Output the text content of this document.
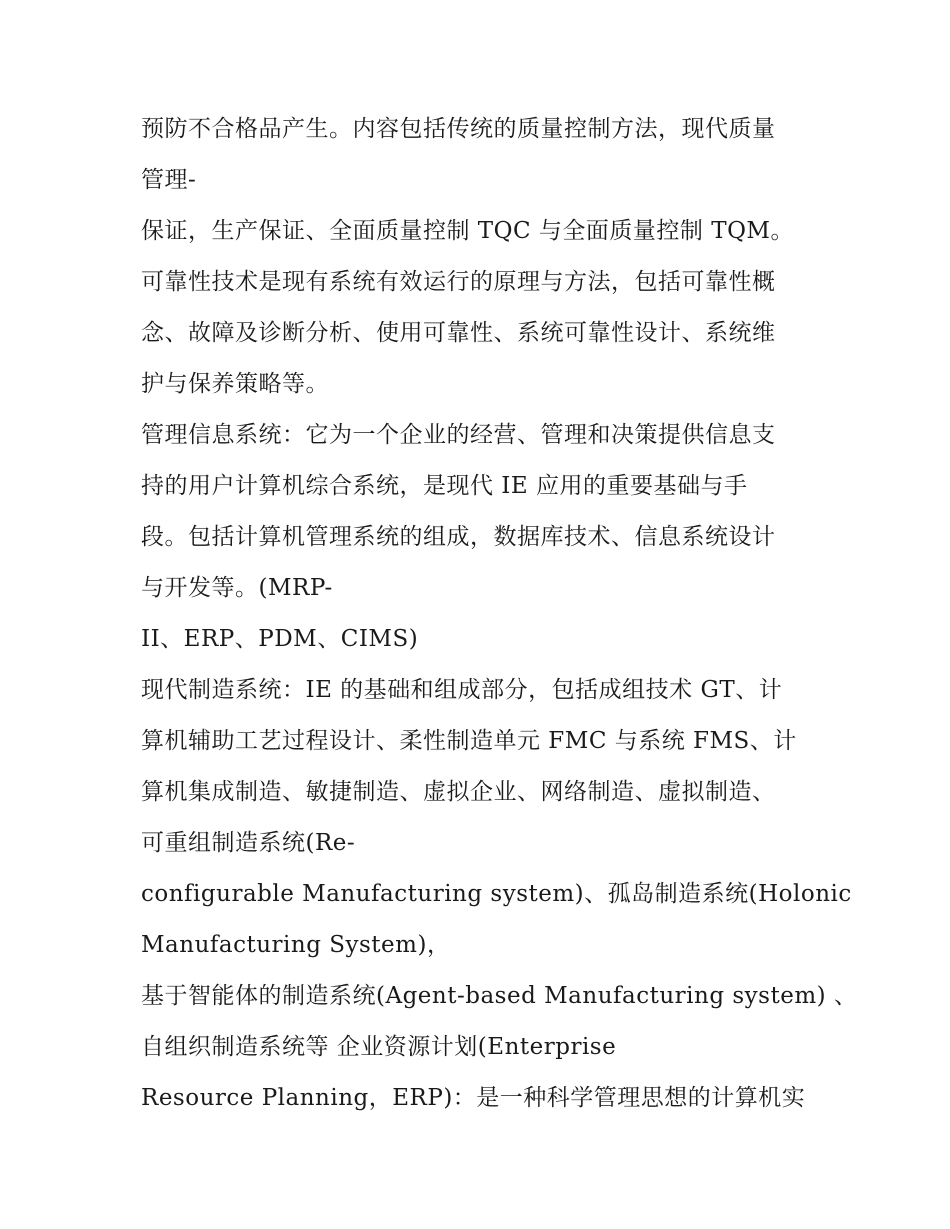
预防不合格品产生。内容包括传统的质量控制方法，现代质量
管理-
保证，生产保证、全面质量控制 TQC 与全面质量控制 TQM。
可靠性技术是现有系统有效运行的原理与方法，包括可靠性概
念、故障及诊断分析、使用可靠性、系统可靠性设计、系统维
护与保养策略等。
管理信息系统：它为一个企业的经营、管理和决策提供信息支
持的用户计算机综合系统，是现代 IE 应用的重要基础与手
段。包括计算机管理系统的组成，数据库技术、信息系统设计
与开发等。(MRP-
II、ERP、PDM、CIMS)
现代制造系统：IE 的基础和组成部分，包括成组技术 GT、计
算机辅助工艺过程设计、柔性制造单元 FMC 与系统 FMS、计
算机集成制造、敏捷制造、虚拟企业、网络制造、虚拟制造、
可重组制造系统(Re-
configurable Manufacturing system)、孤岛制造系统(Holonic
Manufacturing System)，
基于智能体的制造系统(Agent-based Manufacturing system) 、
自组织制造系统等 企业资源计划(Enterprise
Resource Planning，ERP)：是一种科学管理思想的计算机实
